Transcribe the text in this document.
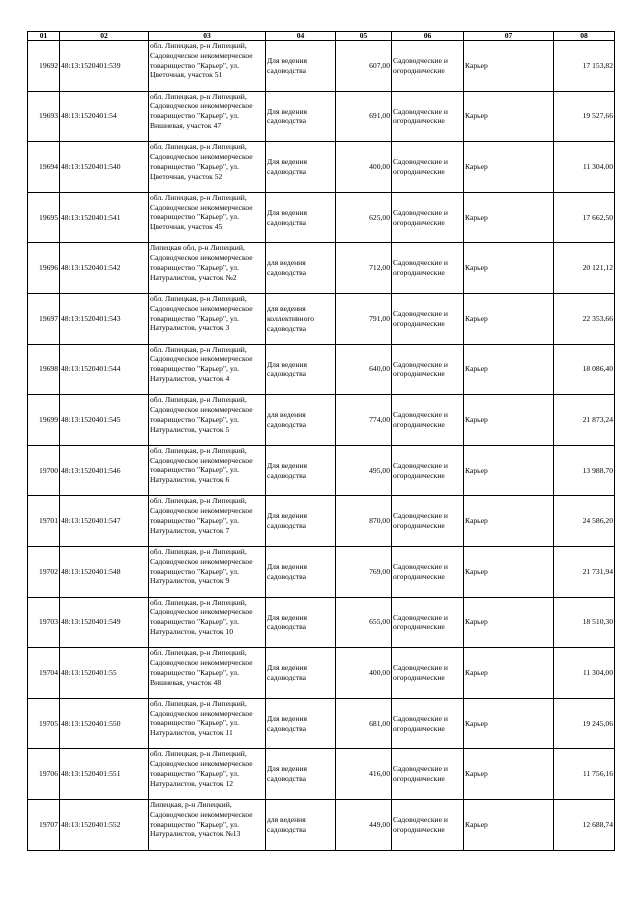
01	02	03	04	05	06	07	08
19692	48:13:1520401:539	обл. Липецкая, р-н Липецкий, Садоводческое некоммерческое товарищество "Карьер", ул. Цветочная, участок 51	Для ведения садоводства	607,00	Садоводческие и огороднические	Карьер	17 153,82
19693	48:13:1520401:54	обл. Липецкая, р-н Липецкий, Садоводческое некоммерческое товарищество "Карьер", ул. Вишневая, участок 47	Для ведения садоводства	691,00	Садоводческие и огороднические	Карьер	19 527,66
19694	48:13:1520401:540	обл. Липецкая, р-н Липецкий, Садоводческое некоммерческое товарищество "Карьер", ул. Цветочная, участок 52	Для ведения садоводства	400,00	Садоводческие и огороднические	Карьер	11 304,00
19695	48:13:1520401:541	обл. Липецкая, р-н Липецкий, Садоводческое некоммерческое товарищество "Карьер", ул. Цветочная, участок 45	Для ведения садоводства	625,00	Садоводческие и огороднические	Карьер	17 662,50
19696	48:13:1520401:542	Липецкая обл, р-н Липецкий, Садоводческое некоммерческое товарищество "Карьер", ул. Натуралистов, участок №2	для ведения садоводства	712,00	Садоводческие и огороднические	Карьер	20 121,12
19697	48:13:1520401:543	обл. Липецкая, р-н Липецкий, Садоводческое некоммерческое товарищество "Карьер", ул. Натуралистов, участок 3	для ведения коллективного садоводства	791,00	Садоводческие и огороднические	Карьер	22 353,66
19698	48:13:1520401:544	обл. Липецкая, р-н Липецкий, Садоводческое некоммерческое товарищество "Карьер", ул. Натуралистов, участок 4	Для ведения садоводства	640,00	Садоводческие и огороднические	Карьер	18 086,40
19699	48:13:1520401:545	обл. Липецкая, р-н Липецкий, Садоводческое некоммерческое товарищество "Карьер", ул. Натуралистов, участок 5	для ведения садоводства	774,00	Садоводческие и огороднические	Карьер	21 873,24
19700	48:13:1520401:546	обл. Липецкая, р-н Липецкий, Садоводческое некоммерческое товарищество "Карьер", ул. Натуралистов, участок 6	Для ведения садоводства	495,00	Садоводческие и огороднические	Карьер	13 988,70
19701	48:13:1520401:547	обл. Липецкая, р-н Липецкий, Садоводческое некоммерческое товарищество "Карьер", ул. Натуралистов, участок 7	Для ведения садоводства	870,00	Садоводческие и огороднические	Карьер	24 586,20
19702	48:13:1520401:548	обл. Липецкая, р-н Липецкий, Садоводческое некоммерческое товарищество "Карьер", ул. Натуралистов, участок 9	Для ведения садоводства	769,00	Садоводческие и огороднические	Карьер	21 731,94
19703	48:13:1520401:549	обл. Липецкая, р-н Липецкий, Садоводческое некоммерческое товарищество "Карьер", ул. Натуралистов, участок 10	Для ведения садоводства	655,00	Садоводческие и огороднические	Карьер	18 510,30
19704	48:13:1520401:55	обл. Липецкая, р-н Липецкий, Садоводческое некоммерческое товарищество "Карьер", ул. Вишневая, участок 48	Для ведения садоводства	400,00	Садоводческие и огороднические	Карьер	11 304,00
19705	48:13:1520401:550	обл. Липецкая, р-н Липецкий, Садоводческое некоммерческое товарищество "Карьер", ул. Натуралистов, участок 11	Для ведения садоводства	681,00	Садоводческие и огороднические	Карьер	19 245,06
19706	48:13:1520401:551	обл. Липецкая, р-н Липецкий, Садоводческое некоммерческое товарищество "Карьер", ул. Натуралистов, участок 12	Для ведения садоводства	416,00	Садоводческие и огороднические	Карьер	11 756,16
19707	48:13:1520401:552	Липецкая, р-н Липецкий, Садоводческое некоммерческое товарищество "Карьер", ул. Натуралистов, участок №13	для ведения садоводства	449,00	Садоводческие и огороднические	Карьер	12 688,74
